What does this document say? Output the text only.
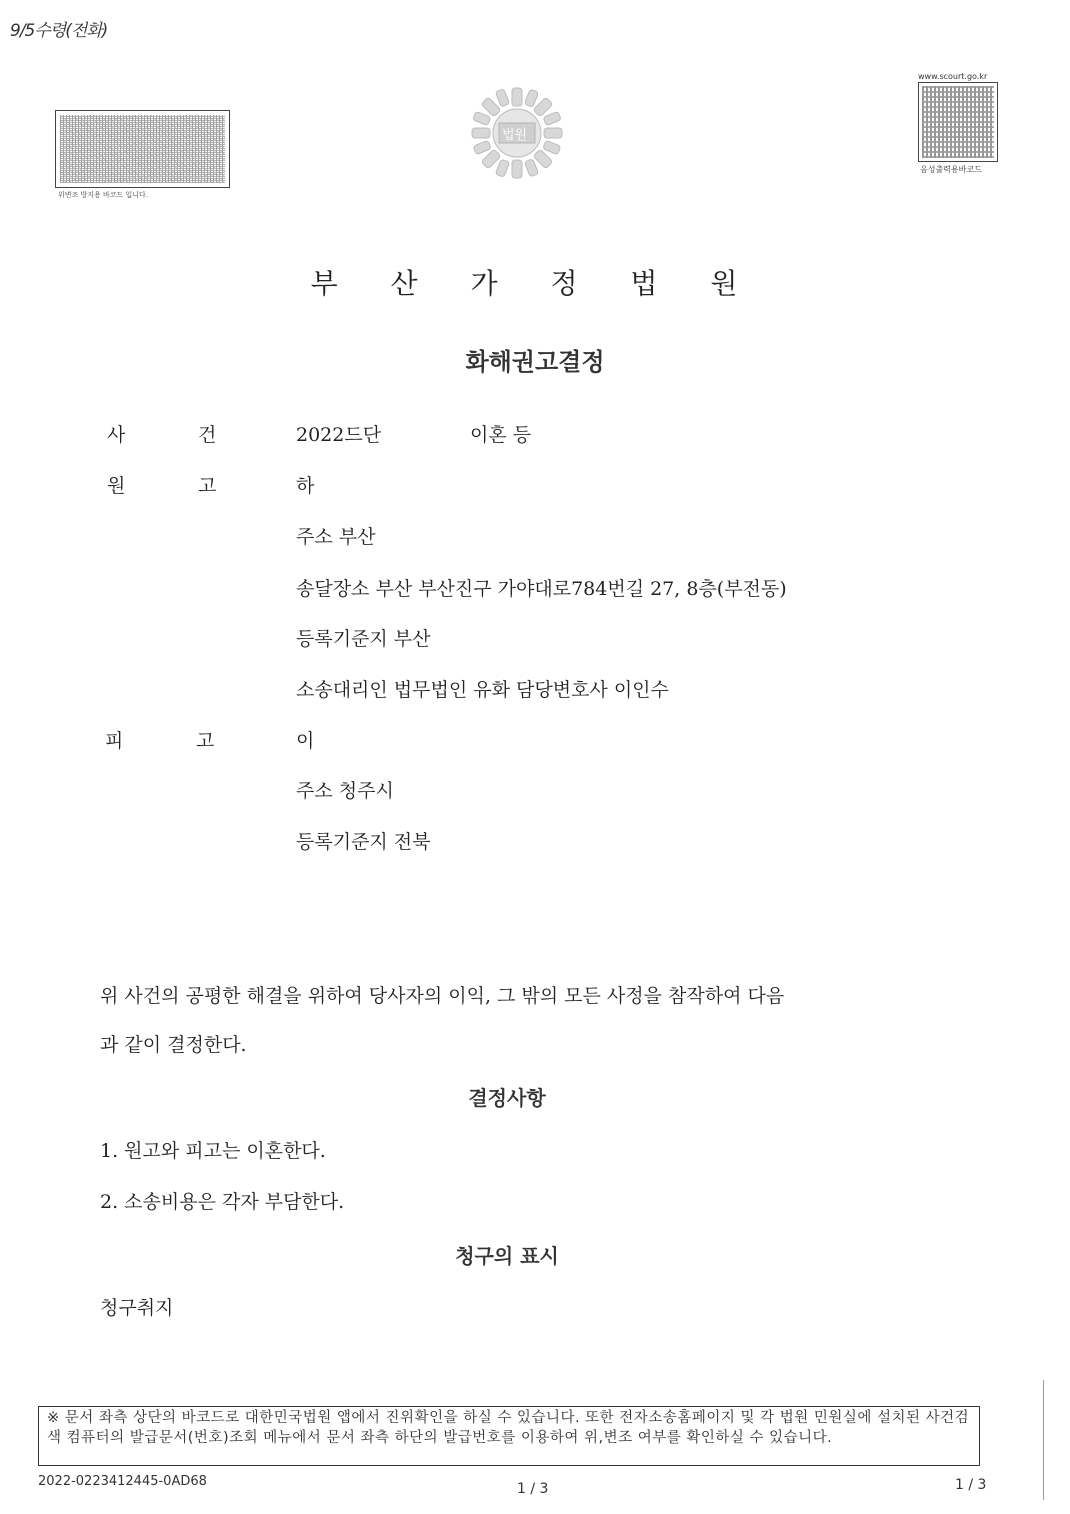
9/5수령(전화)
위변조 방지용 바코드 입니다.
법원
www.scourt.go.kr
음성출력용바코드
부 산 가 정 법 원
화해권고결정
사	건	2022드단	이혼 등
원	고	하
주소 부산
송달장소 부산 부산진구 가야대로784번길 27, 8층(부전동)
등록기준지 부산
소송대리인 법무법인 유화 담당변호사 이인수
피	고	이
주소 청주시
등록기준지 전북
위 사건의 공평한 해결을 위하여 당사자의 이익, 그 밖의 모든 사정을 참작하여 다음
과 같이 결정한다.
결정사항
1. 원고와 피고는 이혼한다.
2. 소송비용은 각자 부담한다.
청구의 표시
청구취지
※ 문서 좌측 상단의 바코드로 대한민국법원 앱에서 진위확인을 하실 수 있습니다. 또한 전자소송홈페이지 및 각 법원 민원실에 설치된 사건검색 컴퓨터의 발급문서(번호)조회 메뉴에서 문서 좌측 하단의 발급번호를 이용하여 위,변조 여부를 확인하실 수 있습니다.
2022-0223412445-0AD68	1 / 3	1 / 3
